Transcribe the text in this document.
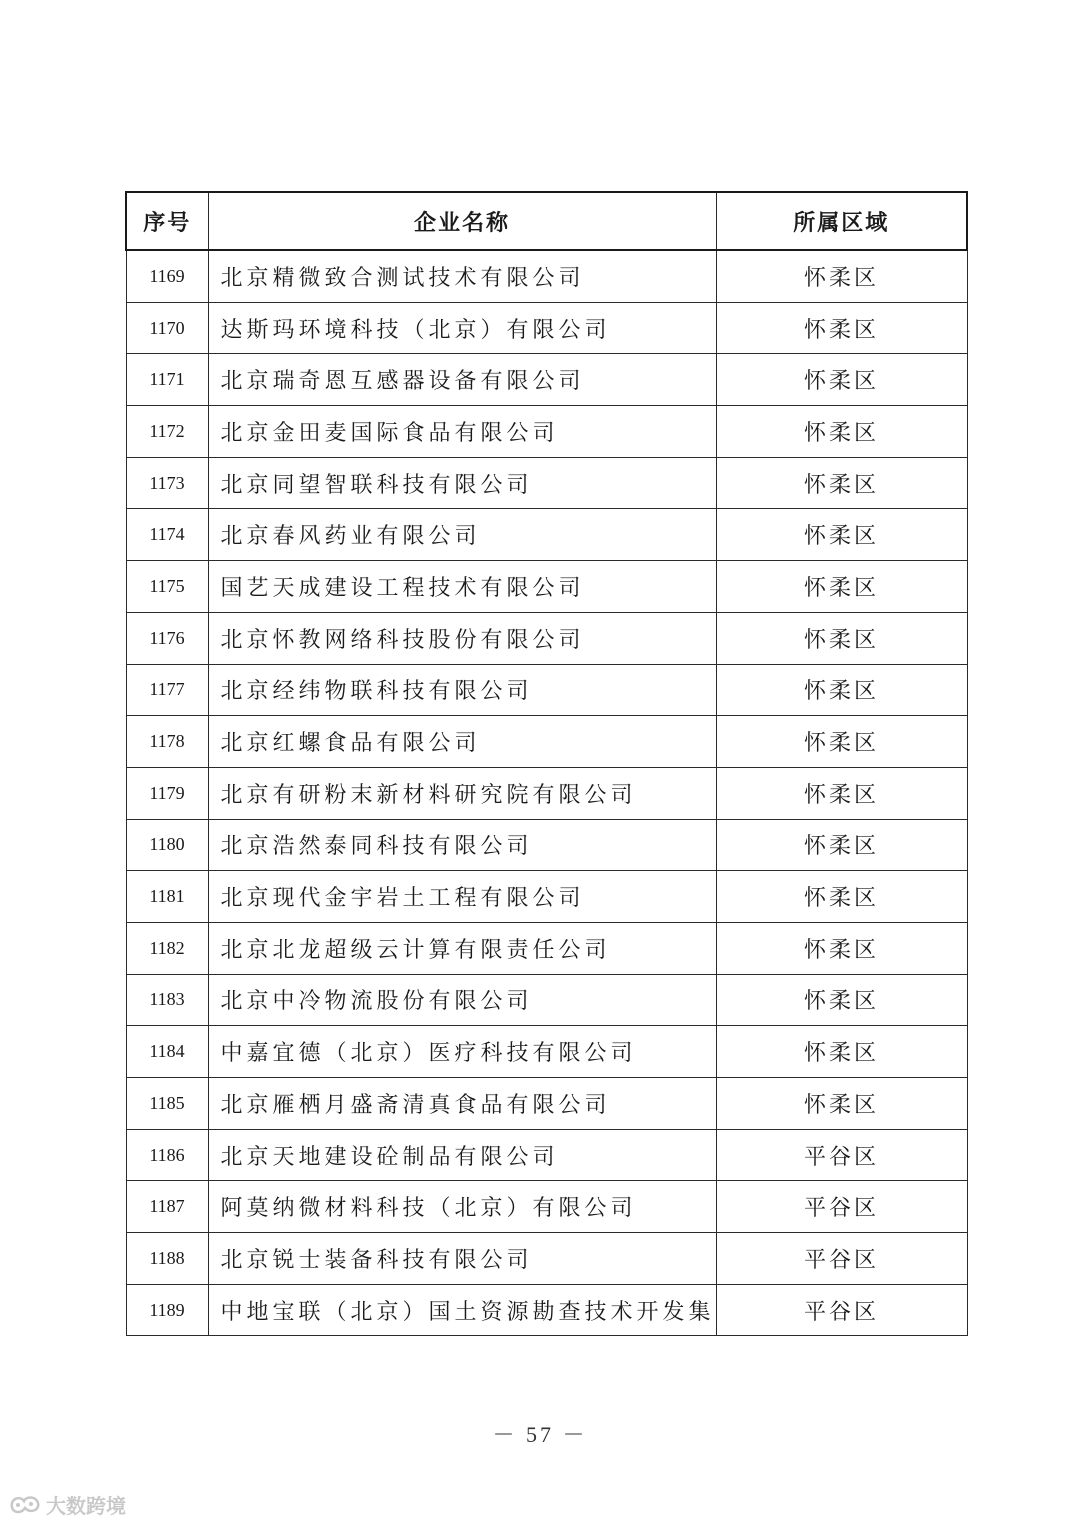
序号	企业名称	所属区域
1169	北京精微致合测试技术有限公司	怀柔区
1170	达斯玛环境科技（北京）有限公司	怀柔区
1171	北京瑞奇恩互感器设备有限公司	怀柔区
1172	北京金田麦国际食品有限公司	怀柔区
1173	北京同望智联科技有限公司	怀柔区
1174	北京春风药业有限公司	怀柔区
1175	国艺天成建设工程技术有限公司	怀柔区
1176	北京怀教网络科技股份有限公司	怀柔区
1177	北京经纬物联科技有限公司	怀柔区
1178	北京红螺食品有限公司	怀柔区
1179	北京有研粉末新材料研究院有限公司	怀柔区
1180	北京浩然泰同科技有限公司	怀柔区
1181	北京现代金宇岩土工程有限公司	怀柔区
1182	北京北龙超级云计算有限责任公司	怀柔区
1183	北京中冷物流股份有限公司	怀柔区
1184	中嘉宜德（北京）医疗科技有限公司	怀柔区
1185	北京雁栖月盛斋清真食品有限公司	怀柔区
1186	北京天地建设砼制品有限公司	平谷区
1187	阿莫纳微材料科技（北京）有限公司	平谷区
1188	北京锐士装备科技有限公司	平谷区
1189	中地宝联（北京）国土资源勘查技术开发集	平谷区
－ 57 －
大数跨境
